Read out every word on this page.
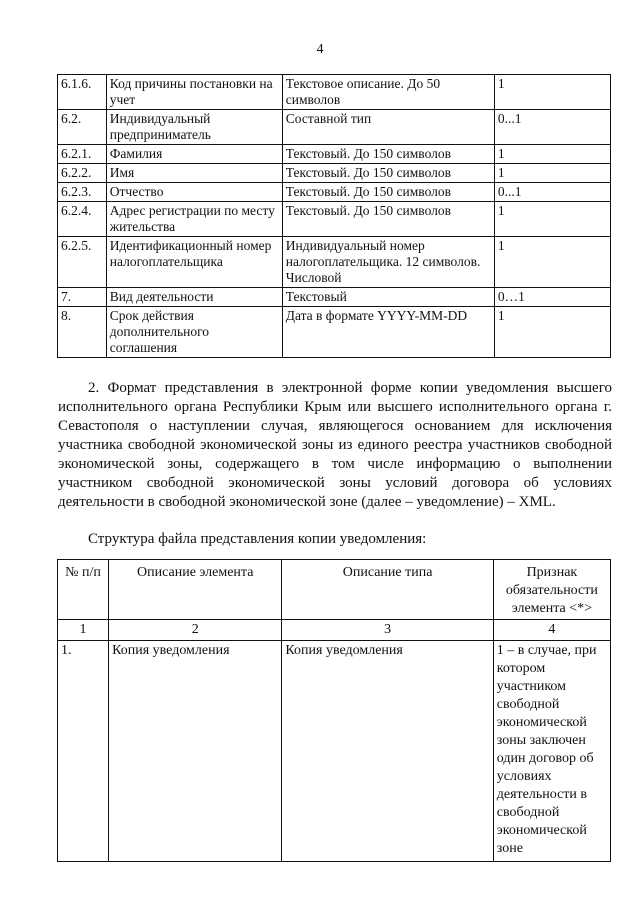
4
6.1.6.	Код причины постановки на учет	Текстовое описание. До 50 символов	1
6.2.	Индивидуальный предприниматель	Составной тип	0...1
6.2.1.	Фамилия	Текстовый. До 150 символов	1
6.2.2.	Имя	Текстовый. До 150 символов	1
6.2.3.	Отчество	Текстовый. До 150 символов	0...1
6.2.4.	Адрес регистрации по месту жительства	Текстовый. До 150 символов	1
6.2.5.	Идентификационный номер налогоплательщика	Индивидуальный номер налогоплательщика. 12 символов. Числовой	1
7.	Вид деятельности	Текстовый	0…1
8.	Срок действия дополнительного соглашения	Дата в формате YYYY-MM-DD	1
2. Формат представления в электронной форме копии уведомления высшего исполнительного органа Республики Крым или высшего исполнительного органа г. Севастополя о наступлении случая, являющегося основанием для исключения участника свободной экономической зоны из единого реестра участников свободной экономической зоны, содержащего в том числе информацию о выполнении участником свободной экономической зоны условий договора об условиях деятельности в свободной экономической зоне (далее – уведомление) – XML.
Структура файла представления копии уведомления:
№ п/п	Описание элемента	Описание типа	Признак обязательности элемента <*>
1	2	3	4
1.	Копия уведомления	Копия уведомления	1 – в случае, при котором участником свободной экономической зоны заключен один договор об условиях деятельности в свободной экономической зоне
